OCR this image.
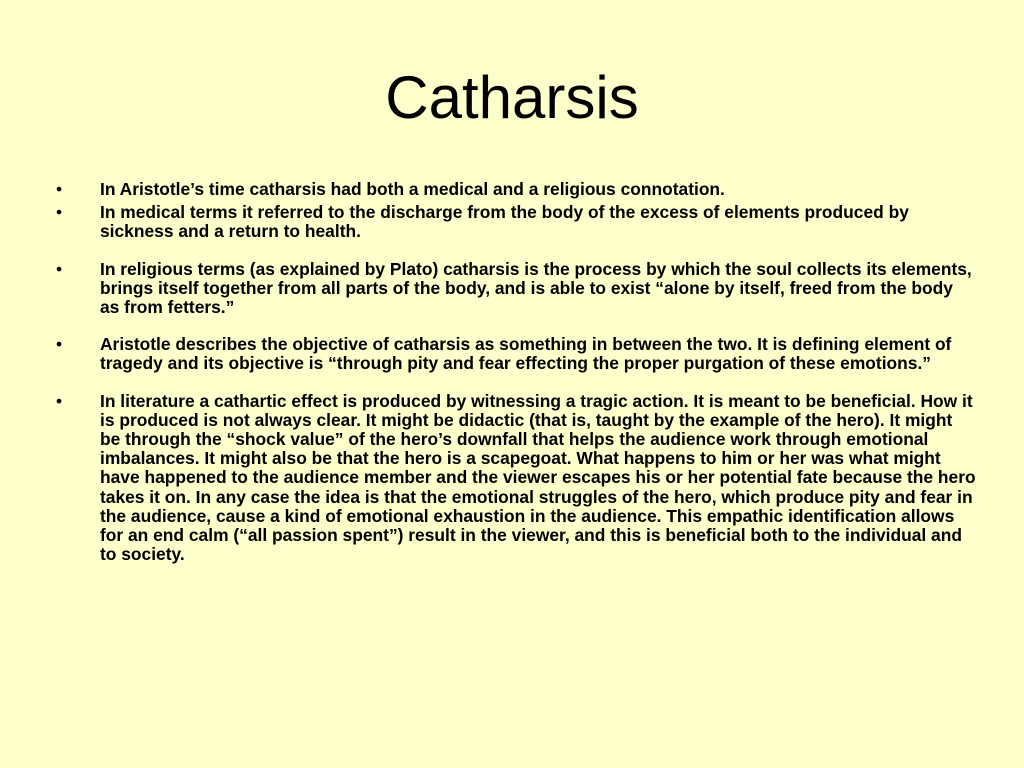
Catharsis
•	In Aristotle’s time catharsis had both a medical and a religious connotation.
•	In medical terms it referred to the discharge from the body of the excess of elements produced by sickness and a return to health.
•	In religious terms (as explained by Plato) catharsis is the process by which the soul collects its elements, brings itself together from all parts of the body, and is able to exist “alone by itself, freed from the body as from fetters.”
•	Aristotle describes the objective of catharsis as something in between the two. It is defining element of tragedy and its objective is “through pity and fear effecting the proper purgation of these emotions.”
•	In literature a cathartic effect is produced by witnessing a tragic action. It is meant to be beneficial. How it is produced is not always clear. It might be didactic (that is, taught by the example of the hero). It might be through the “shock value” of the hero’s downfall that helps the audience work through emotional imbalances. It might also be that the hero is a scapegoat. What happens to him or her was what might have happened to the audience member and the viewer escapes his or her potential fate because the hero takes it on. In any case the idea is that the emotional struggles of the hero, which produce pity and fear in the audience, cause a kind of emotional exhaustion in the audience. This empathic identification allows for an end calm (“all passion spent”) result in the viewer, and this is beneficial both to the individual and to society.
